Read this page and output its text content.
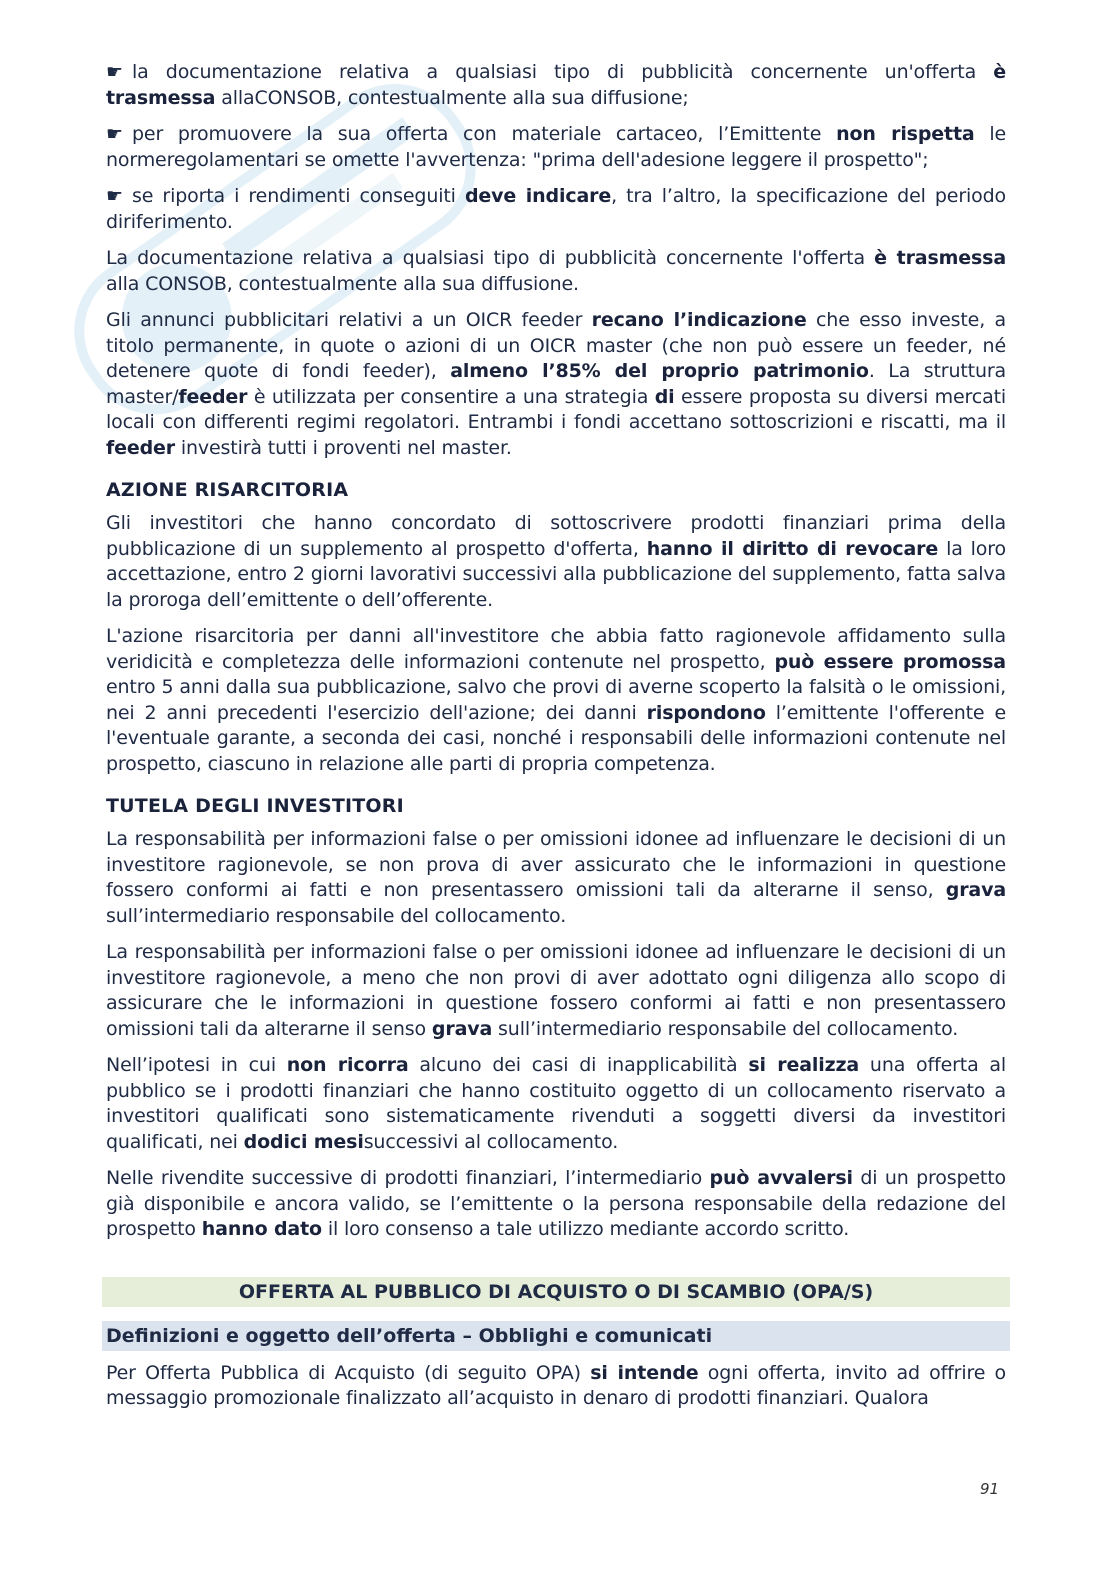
☛ la documentazione relativa a qualsiasi tipo di pubblicità concernente un'offerta è trasmessa allaCONSOB, contestualmente alla sua diffusione;

☛ per promuovere la sua offerta con materiale cartaceo, l’Emittente non rispetta le normeregolamentari se omette l'avvertenza: "prima dell'adesione leggere il prospetto";

☛ se riporta i rendimenti conseguiti deve indicare, tra l’altro, la specificazione del periodo diriferimento.

La documentazione relativa a qualsiasi tipo di pubblicità concernente l'offerta è trasmessa alla CONSOB, contestualmente alla sua diffusione.

Gli annunci pubblicitari relativi a un OICR feeder recano l’indicazione che esso investe, a titolo permanente, in quote o azioni di un OICR master (che non può essere un feeder, né detenere quote di fondi feeder), almeno l’85% del proprio patrimonio. La struttura master/feeder è utilizzata per consentire a una strategia di essere proposta su diversi mercati locali con differenti regimi regolatori. Entrambi i fondi accettano sottoscrizioni e riscatti, ma il feeder investirà tutti i proventi nel master.

AZIONE RISARCITORIA

Gli investitori che hanno concordato di sottoscrivere prodotti finanziari prima della pubblicazione di un supplemento al prospetto d'offerta, hanno il diritto di revocare la loro accettazione, entro 2 giorni lavorativi successivi alla pubblicazione del supplemento, fatta salva la proroga dell’emittente o dell’offerente.

L'azione risarcitoria per danni all'investitore che abbia fatto ragionevole affidamento sulla veridicità e completezza delle informazioni contenute nel prospetto, può essere promossa entro 5 anni dalla sua pubblicazione, salvo che provi di averne scoperto la falsità o le omissioni, nei 2 anni precedenti l'esercizio dell'azione; dei danni rispondono l’emittente l'offerente e l'eventuale garante, a seconda dei casi, nonché i responsabili delle informazioni contenute nel prospetto, ciascuno in relazione alle parti di propria competenza.

TUTELA DEGLI INVESTITORI

La responsabilità per informazioni false o per omissioni idonee ad influenzare le decisioni di un investitore ragionevole, se non prova di aver assicurato che le informazioni in questione fossero conformi ai fatti e non presentassero omissioni tali da alterarne il senso, grava sull’intermediario responsabile del collocamento.

La responsabilità per informazioni false o per omissioni idonee ad influenzare le decisioni di un investitore ragionevole, a meno che non provi di aver adottato ogni diligenza allo scopo di assicurare che le informazioni in questione fossero conformi ai fatti e non presentassero omissioni tali da alterarne il senso grava sull’intermediario responsabile del collocamento.

Nell’ipotesi in cui non ricorra alcuno dei casi di inapplicabilità si realizza una offerta al pubblico se i prodotti finanziari che hanno costituito oggetto di un collocamento riservato a investitori qualificati sono sistematicamente rivenduti a soggetti diversi da investitori qualificati, nei dodici mesisuccessivi al collocamento.

Nelle rivendite successive di prodotti finanziari, l’intermediario può avvalersi di un prospetto già disponibile e ancora valido, se l’emittente o la persona responsabile della redazione del prospetto hanno dato il loro consenso a tale utilizzo mediante accordo scritto.

OFFERTA AL PUBBLICO DI ACQUISTO O DI SCAMBIO (OPA/S)
Definizioni e oggetto dell’offerta – Obblighi e comunicati

Per Offerta Pubblica di Acquisto (di seguito OPA) si intende ogni offerta, invito ad offrire o messaggio promozionale finalizzato all’acquisto in denaro di prodotti finanziari. Qualora

91
